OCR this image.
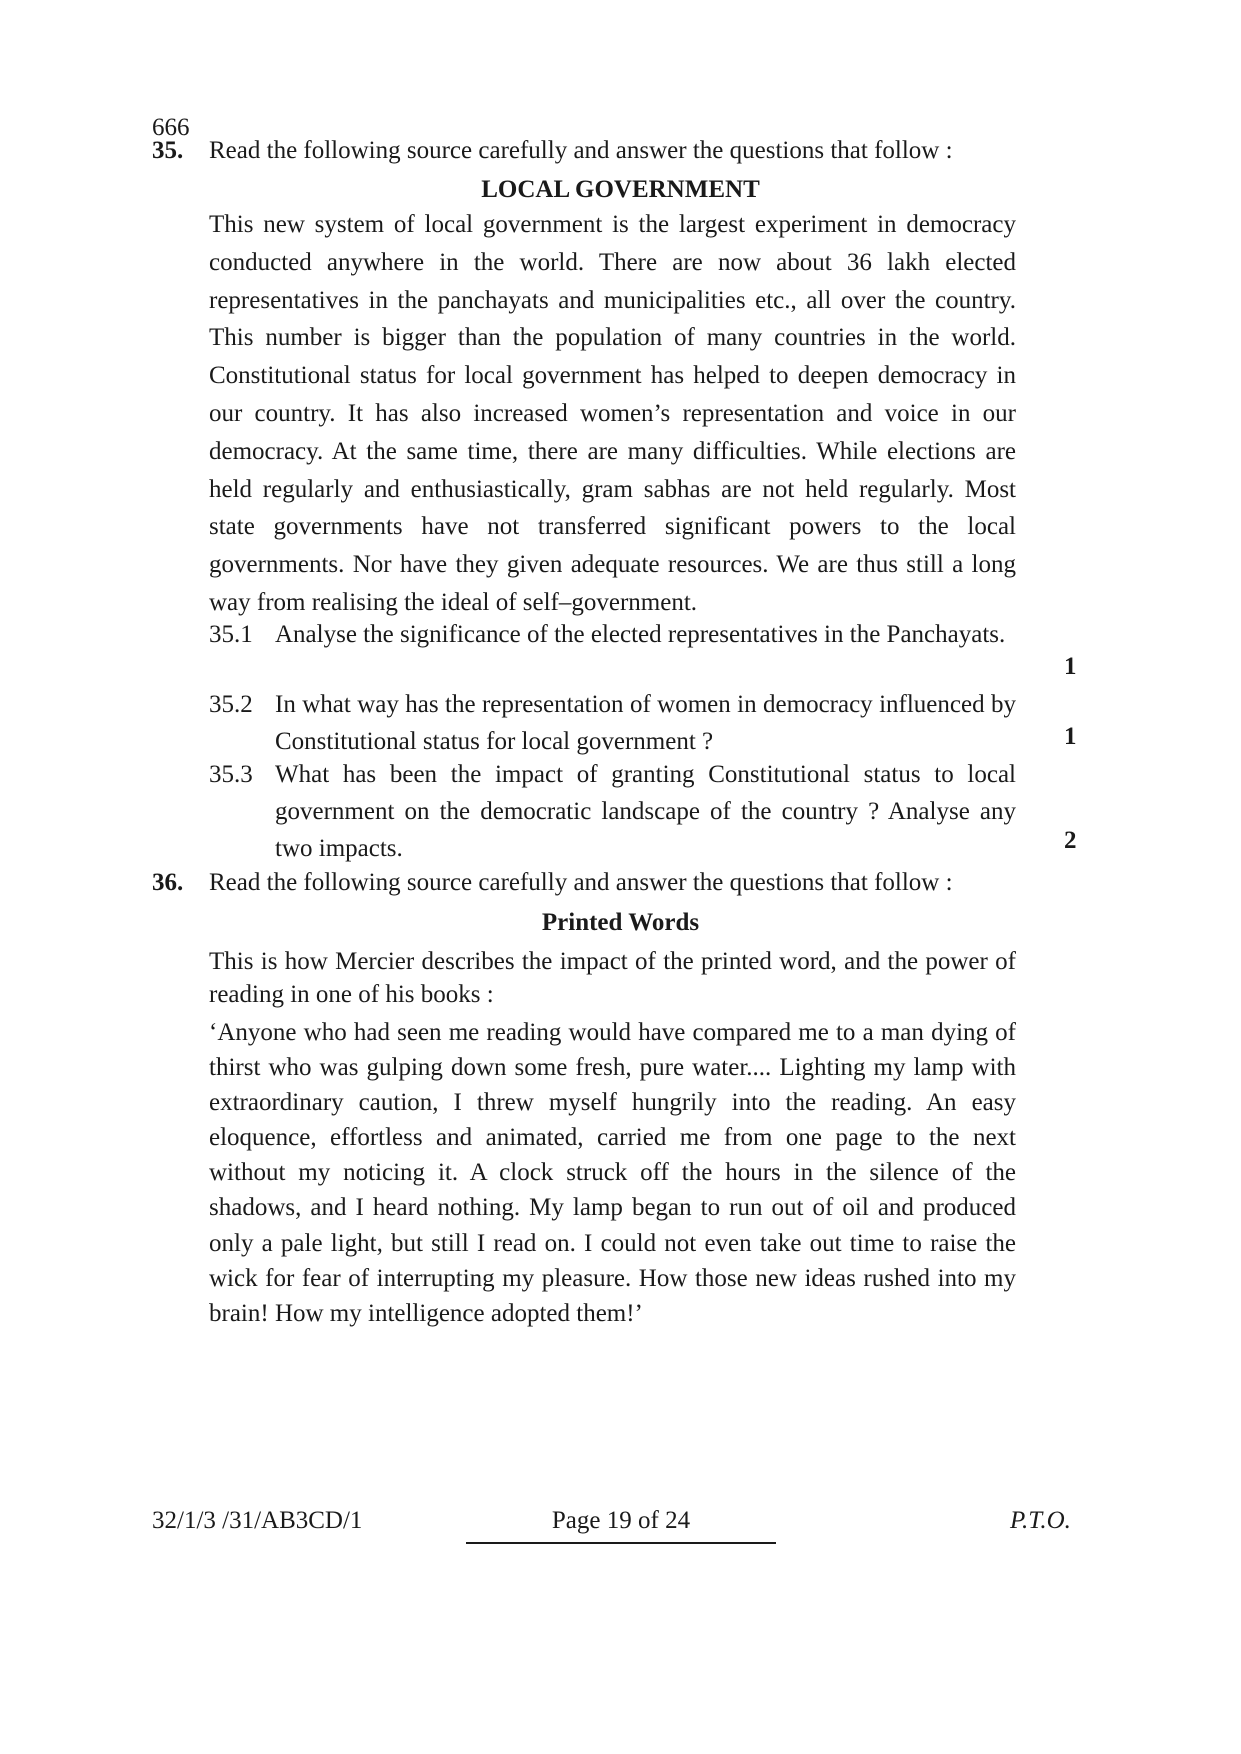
666
35. Read the following source carefully and answer the questions that follow :
LOCAL GOVERNMENT

This new system of local government is the largest experiment in democracy conducted anywhere in the world. There are now about 36 lakh elected representatives in the panchayats and municipalities etc., all over the country. This number is bigger than the population of many countries in the world. Constitutional status for local government has helped to deepen democracy in our country. It has also increased women’s representation and voice in our democracy. At the same time, there are many difficulties. While elections are held regularly and enthusiastically, gram sabhas are not held regularly. Most state governments have not transferred significant powers to the local governments. Nor have they given adequate resources. We are thus still a long way from realising the ideal of self–government.

35.1 Analyse the significance of the elected representatives in the Panchayats.
1
35.2 In what way has the representation of women in democracy influenced by Constitutional status for local government ?	1
35.3 What has been the impact of granting Constitutional status to local government on the democratic landscape of the country ? Analyse any two impacts.	2
36. Read the following source carefully and answer the questions that follow :
Printed Words

This is how Mercier describes the impact of the printed word, and the power of reading in one of his books :

‘Anyone who had seen me reading would have compared me to a man dying of thirst who was gulping down some fresh, pure water.... Lighting my lamp with extraordinary caution, I threw myself hungrily into the reading. An easy eloquence, effortless and animated, carried me from one page to the next without my noticing it. A clock struck off the hours in the silence of the shadows, and I heard nothing. My lamp began to run out of oil and produced only a pale light, but still I read on. I could not even take out time to raise the wick for fear of interrupting my pleasure. How those new ideas rushed into my brain! How my intelligence adopted them!’

32/1/3 /31/AB3CD/1	Page 19 of 24	P.T.O.
